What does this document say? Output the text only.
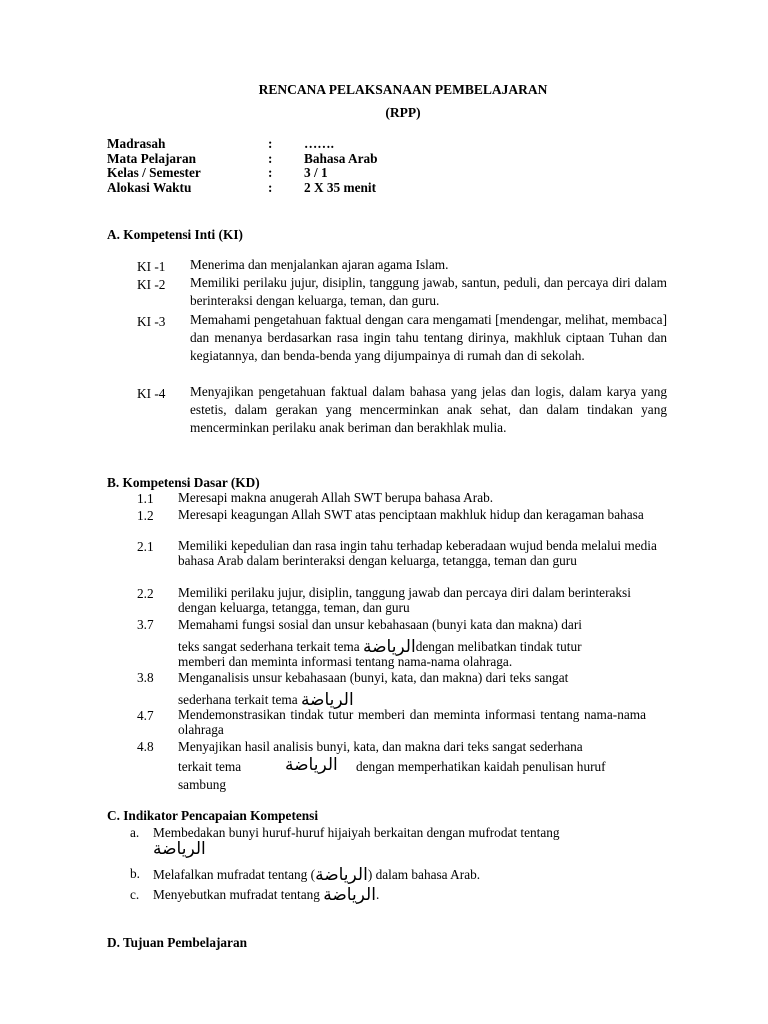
RENCANA PELAKSANAAN PEMBELAJARAN
(RPP)
Madrasah	: …….
Mata Pelajaran	: Bahasa Arab
Kelas / Semester	: 3 / 1
Alokasi Waktu	: 2 X 35 menit
A. Kompetensi Inti (KI)
KI -1 Menerima dan menjalankan ajaran agama Islam.
KI -2 Memiliki perilaku jujur, disiplin, tanggung jawab, santun, peduli, dan percaya diri dalam berinteraksi dengan keluarga, teman, dan guru.
KI -3 Memahami pengetahuan faktual dengan cara mengamati [mendengar, melihat, membaca] dan menanya berdasarkan rasa ingin tahu tentang dirinya, makhluk ciptaan Tuhan dan kegiatannya, dan benda-benda yang dijumpainya di rumah dan di sekolah.
KI -4 Menyajikan pengetahuan faktual dalam bahasa yang jelas dan logis, dalam karya yang estetis, dalam gerakan yang mencerminkan anak sehat, dan dalam tindakan yang mencerminkan perilaku anak beriman dan berakhlak mulia.
B. Kompetensi Dasar (KD)
1.1 Meresapi makna anugerah Allah SWT berupa bahasa Arab.
1.2 Meresapi keagungan Allah SWT atas penciptaan makhluk hidup dan keragaman bahasa
2.1 Memiliki kepedulian dan rasa ingin tahu terhadap keberadaan wujud benda melalui media bahasa Arab dalam berinteraksi dengan keluarga, tetangga, teman dan guru
2.2 Memiliki perilaku jujur, disiplin, tanggung jawab dan percaya diri dalam berinteraksi dengan keluarga, tetangga, teman, dan guru
3.7 Memahami fungsi sosial dan unsur kebahasaan (bunyi kata dan makna) dari
teks sangat sederhana terkait tema الرياضةdengan melibatkan tindak tutur
memberi dan meminta informasi tentang nama-nama olahraga.
3.8 Menganalisis unsur kebahasaan (bunyi, kata, dan makna) dari teks sangat
sederhana terkait tema الرياضة
4.7 Mendemonstrasikan tindak tutur memberi dan meminta informasi tentang nama-nama olahraga
4.8 Menyajikan hasil analisis bunyi, kata, dan makna dari teks sangat sederhana
terkait tema	الرياضة dengan memperhatikan kaidah penulisan huruf
sambung
C. Indikator Pencapaian Kompetensi
a. Membedakan bunyi huruf-huruf hijaiyah berkaitan dengan mufrodat tentang
الرياضة
b. Melafalkan mufradat tentang (الرياضة) dalam bahasa Arab.
c. Menyebutkan mufradat tentang الرياضة.
D. Tujuan Pembelajaran
